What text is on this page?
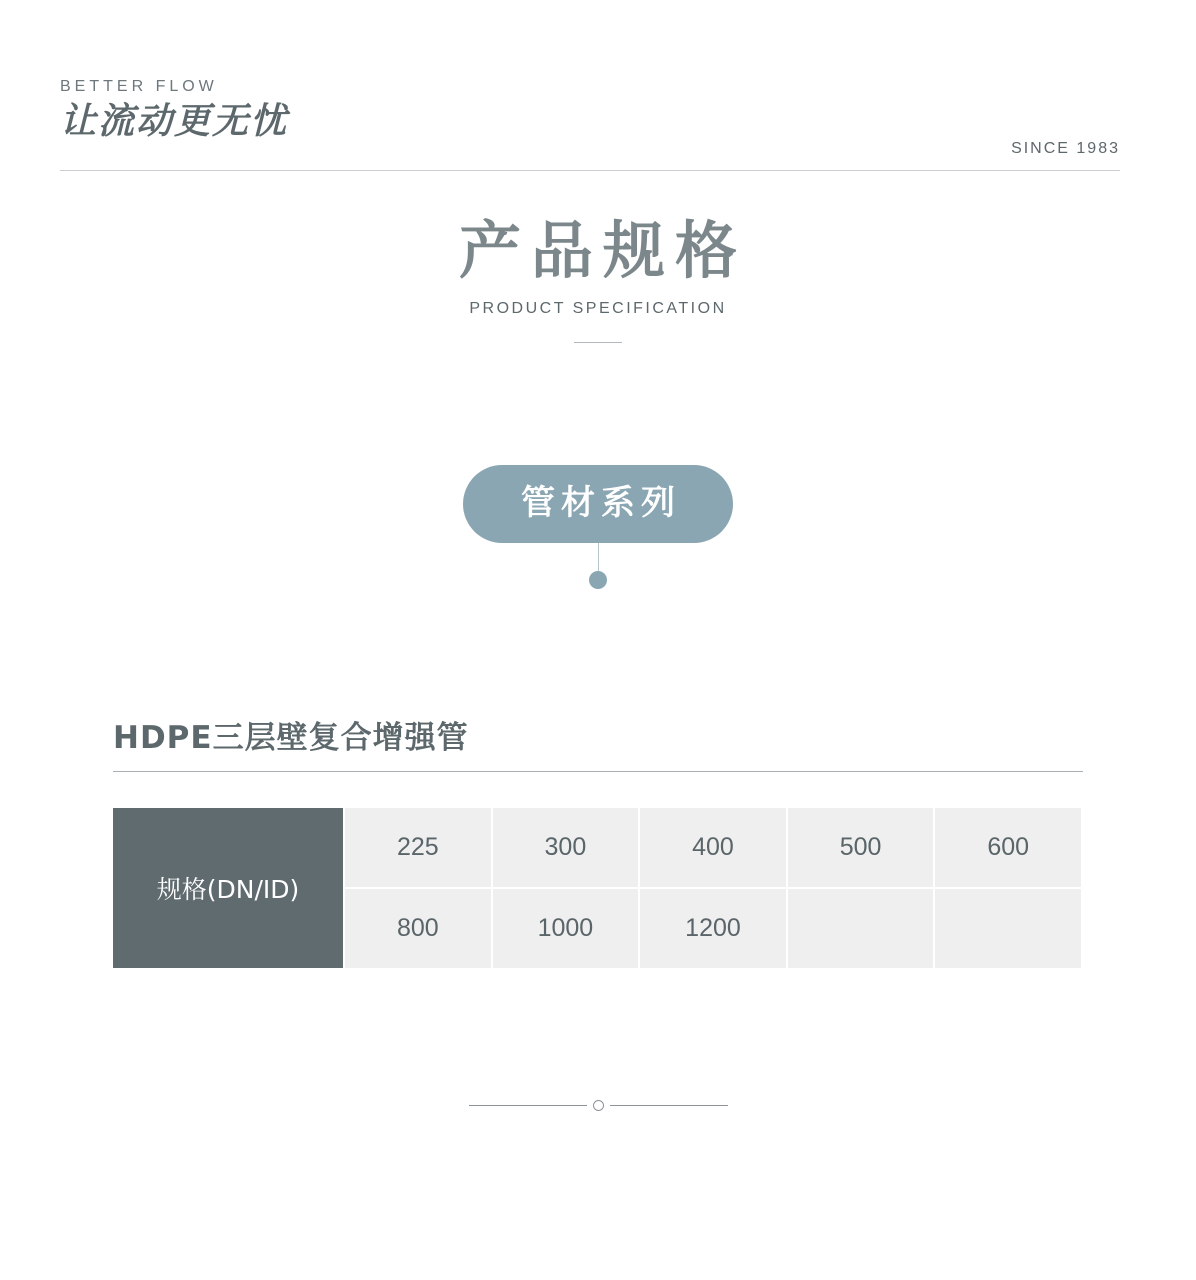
BETTER FLOW
让流动更无忧
SINCE 1983
产品规格
PRODUCT SPECIFICATION
管材系列
HDPE三层壁复合增强管
规格(DN/ID)	225	300	400	500	600
	800	1000	1200		
